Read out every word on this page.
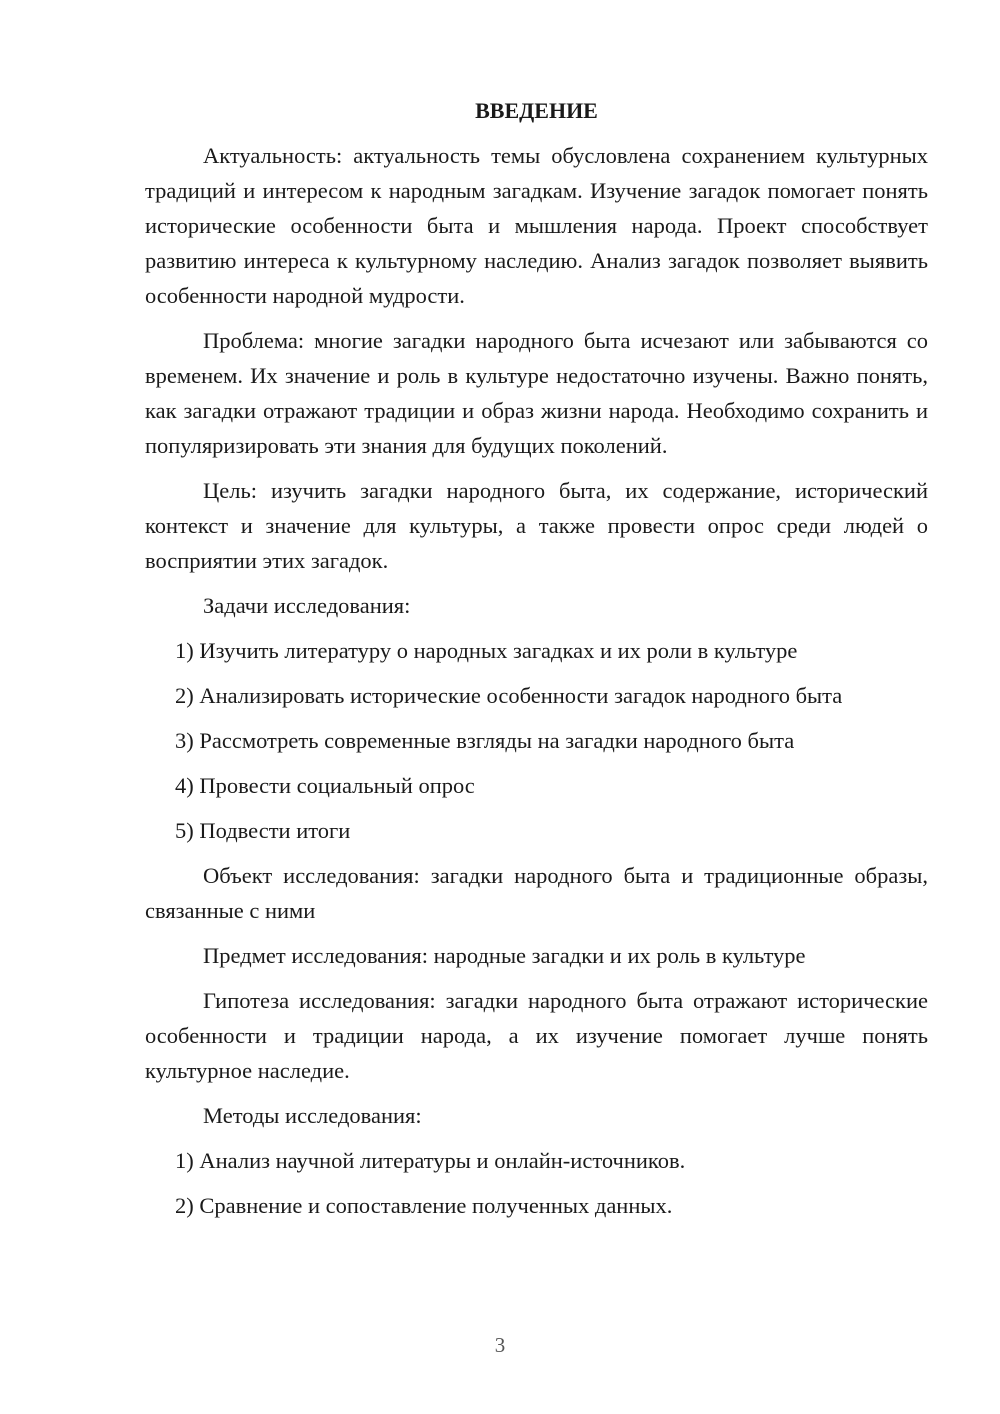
ВВЕДЕНИЕ

Актуальность: актуальность темы обусловлена сохранением культурных традиций и интересом к народным загадкам. Изучение загадок помогает понять исторические особенности быта и мышления народа. Проект способствует развитию интереса к культурному наследию. Анализ загадок позволяет выявить особенности народной мудрости.

Проблема: многие загадки народного быта исчезают или забываются со временем. Их значение и роль в культуре недостаточно изучены. Важно понять, как загадки отражают традиции и образ жизни народа. Необходимо сохранить и популяризировать эти знания для будущих поколений.

Цель: изучить загадки народного быта, их содержание, исторический контекст и значение для культуры, а также провести опрос среди людей о восприятии этих загадок.

Задачи исследования:

1) Изучить литературу о народных загадках и их роли в культуре
2) Анализировать исторические особенности загадок народного быта
3) Рассмотреть современные взгляды на загадки народного быта
4) Провести социальный опрос
5) Подвести итоги

Объект исследования: загадки народного быта и традиционные образы, связанные с ними

Предмет исследования: народные загадки и их роль в культуре

Гипотеза исследования: загадки народного быта отражают исторические особенности и традиции народа, а их изучение помогает лучше понять культурное наследие.

Методы исследования:

1) Анализ научной литературы и онлайн-источников.
2) Сравнение и сопоставление полученных данных.
3
